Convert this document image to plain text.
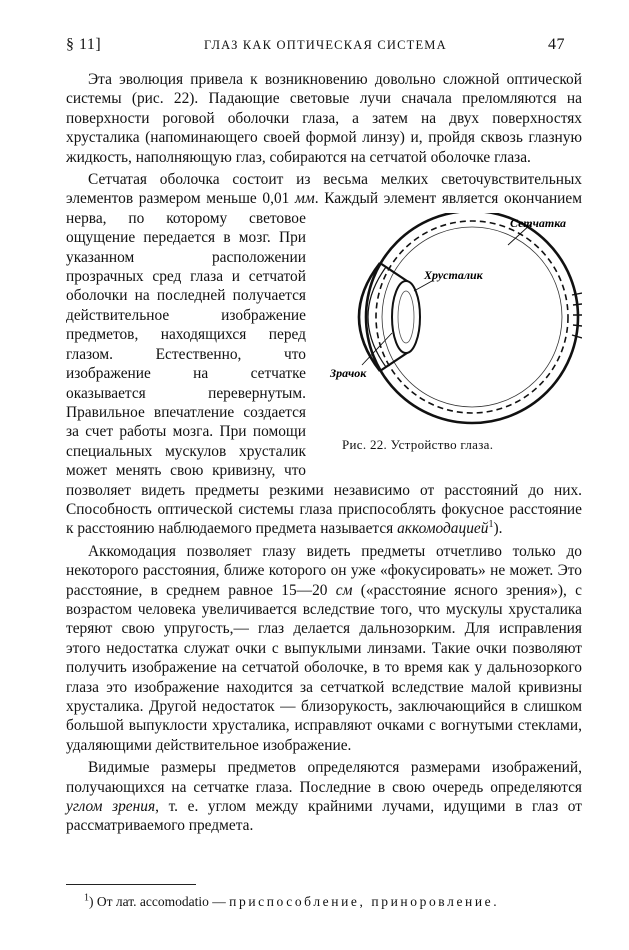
§ 11]	ГЛАЗ КАК ОПТИЧЕСКАЯ СИСТЕМА	47

Эта эволюция привела к возникновению довольно сложной оптической системы (рис. 22). Падающие световые лучи сначала преломляются на поверхности роговой оболочки глаза, а затем на двух поверхностях хрусталика (напоминающего своей формой линзу) и, пройдя сквозь глазную жидкость, наполняющую глаз, собираются на сетчатой оболочке глаза.

Сетчатая оболочка состоит из весьма мелких светочувствительных элементов размером меньше 0,01 мм
Сетчатка
Хрусталик
Зрачок
Рис. 22. Устройство глаза.
. Каждый элемент является окончанием нерва, по которому световое ощущение передается в мозг. При указанном расположении прозрачных сред глаза и сетчатой оболочки на последней получается действительное изображение предметов, находящихся перед глазом. Естественно, что изображение на сетчатке оказывается перевернутым. Правильное впечатление создается за счет работы мозга. При помощи специальных мускулов хрусталик может менять свою кривизну, что позволяет видеть предметы резкими независимо от расстояний до них. Способность оптической системы глаза приспособлять фокусное расстояние к расстоянию наблюдаемого предмета называется аккомодацией$^1$).

Аккомодация позволяет глазу видеть предметы отчетливо только до некоторого расстояния, ближе которого он уже «фокусировать» не может. Это расстояние, в среднем равное 15—20 см («расстояние ясного зрения»), с возрастом человека увеличивается вследствие того, что мускулы хрусталика теряют свою упругость,— глаз делается дальнозорким. Для исправления этого недостатка служат очки с выпуклыми линзами. Такие очки позволяют получить изображение на сетчатой оболочке, в то время как у дальнозоркого глаза это изображение находится за сетчаткой вследствие малой кривизны хрусталика. Другой недостаток — близорукость, заключающийся в слишком большой выпуклости хрусталика, исправляют очками с вогнутыми стеклами, удаляющими действительное изображение.

Видимые размеры предметов определяются размерами изображений, получающихся на сетчатке глаза. Последние в свою очередь определяются углом зрения, т. е. углом между крайними лучами, идущими в глаз от рассматриваемого предмета.

$^1$) От лат. accomodatio — приспособление, приноровление.
